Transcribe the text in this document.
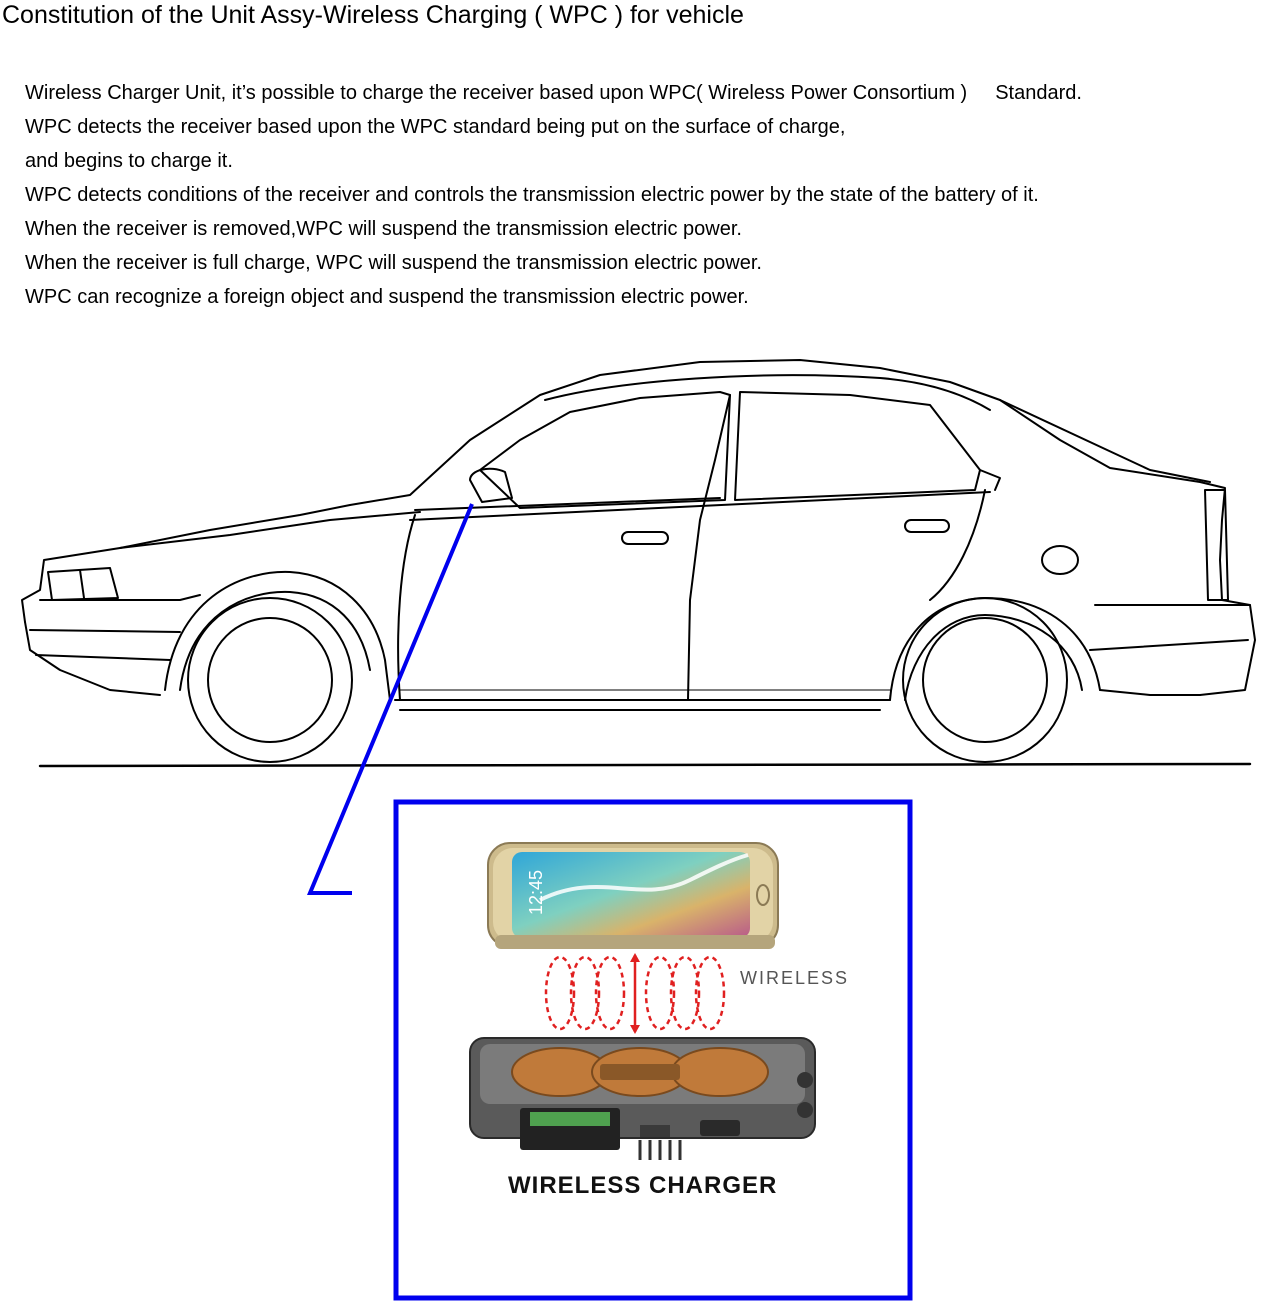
Constitution of the Unit Assy-Wireless Charging ( WPC ) for vehicle
Wireless Charger Unit, it’s possible to charge the receiver based upon WPC( Wireless Power Consortium ) Standard.
WPC detects the receiver based upon the WPC standard being put on the surface of charge,
and begins to charge it.
WPC detects conditions of the receiver and controls the transmission electric power by the state of the battery of it.
When the receiver is removed,WPC will suspend the transmission electric power.
When the receiver is full charge, WPC will suspend the transmission electric power.
WPC can recognize a foreign object and suspend the transmission electric power.
12:45
WIRELESS
WIRELESS CHARGER
